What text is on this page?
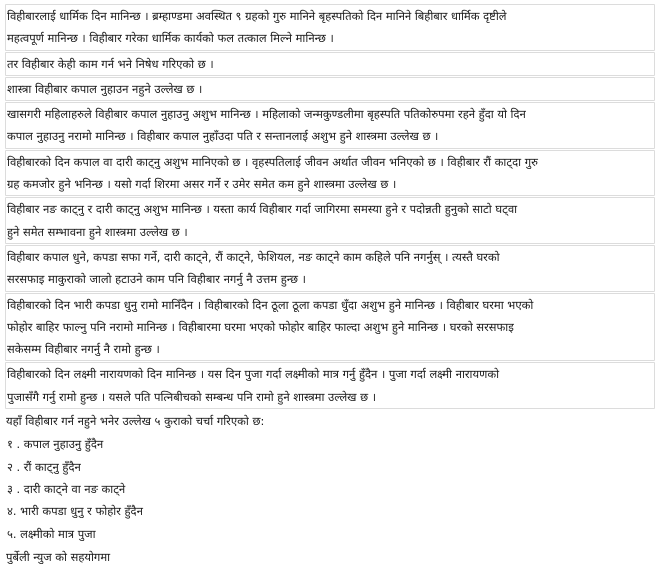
विहीबारलाई धार्मिक दिन मानिन्छ । ब्रम्हाण्डमा अवस्थित ९ ग्रहको गुरु मानिने बृहस्पतिको दिन मानिने बिहीबार धार्मिक दृष्टीले
महत्वपूर्ण मानिन्छ । विहीबार गरेका धार्मिक कार्यको फल तत्काल मिल्ने मानिन्छ ।
तर विहीबार केही काम गर्न भने निषेध गरिएको छ ।
शास्त्रा विहीबार कपाल नुहाउन नहुने उल्लेख छ ।
खासगरी महिलाहरुले विहीबार कपाल नुहाउनु अशुभ मानिन्छ । महिलाको जन्मकुण्डलीमा बृहस्पति पतिकोरुपमा रहने हुँदा यो दिन
कपाल नुहाउनु नरामो मानिन्छ । विहीबार कपाल नुहाँउदा पति र सन्तानलाई अशुभ हुने शास्त्रमा उल्लेख छ ।
विहीबारको दिन कपाल वा दारी काट्नु अशुभ मानिएको छ । वृहस्पतिलाई जीवन अर्थात जीवन भनिएको छ । विहीबार रौं काट्दा गुरु
ग्रह कमजोर हुने भनिन्छ । यसो गर्दा शिरमा असर गर्ने र उमेर समेत कम हुने शास्त्रमा उल्लेख छ ।
विहीबार नङ काट्नु र दारी काट्नु अशुभ मानिन्छ । यस्ता कार्य विहीबार गर्दा जागिरमा समस्या हुने र पदोन्नती हुनुको साटो घट्वा
हुने समेत सम्भावना हुने शास्त्रमा उल्लेख छ ।
विहीबार कपाल धुने, कपडा सफा गर्ने, दारी काट्ने, रौं काट्ने, फेशियल, नङ काट्ने काम कहिले पनि नगर्नुस् । त्यस्तै घरको
सरसफाइ माकुराको जालो हटाउने काम पनि विहीबार नगर्नु नै उत्तम हुन्छ ।
विहीबारको दिन भारी कपडा धुनु रामो मानिँदैन । विहीबारको दिन ठूला ठूला कपडा धुँदा अशुभ हुने मानिन्छ । विहीबार घरमा भएको
फोहोर बाहिर फाल्नु पनि नरामो मानिन्छ । विहीबारमा घरमा भएको फोहोर बाहिर फाल्दा अशुभ हुने मानिन्छ । घरको सरसफाइ
सकेसम्म विहीबार नगर्नु नै रामो हुन्छ ।
विहीबारको दिन लक्ष्मी नारायणको दिन मानिन्छ । यस दिन पुजा गर्दा लक्ष्मीको मात्र गर्नु हुँदैन । पुजा गर्दा लक्ष्मी नारायणको
पुजासँगै गर्नु रामो हुन्छ । यसले पति पत्निबीचको सम्बन्ध पनि रामो हुने शास्त्रमा उल्लेख छ ।
यहाँ विहीबार गर्न नहुने भनेर उल्लेख ५ कुराको चर्चा गरिएको छ:
१ . कपाल नुहाउनु हुँदैन
२ . रौं काट्नु हुँदैन
३ . दारी काट्ने वा नङ काट्ने
४. भारी कपडा धुनु र फोहोर हुँदैन
५. लक्ष्मीको मात्र पुजा
पुर्बेली न्युज को सहयोगमा
